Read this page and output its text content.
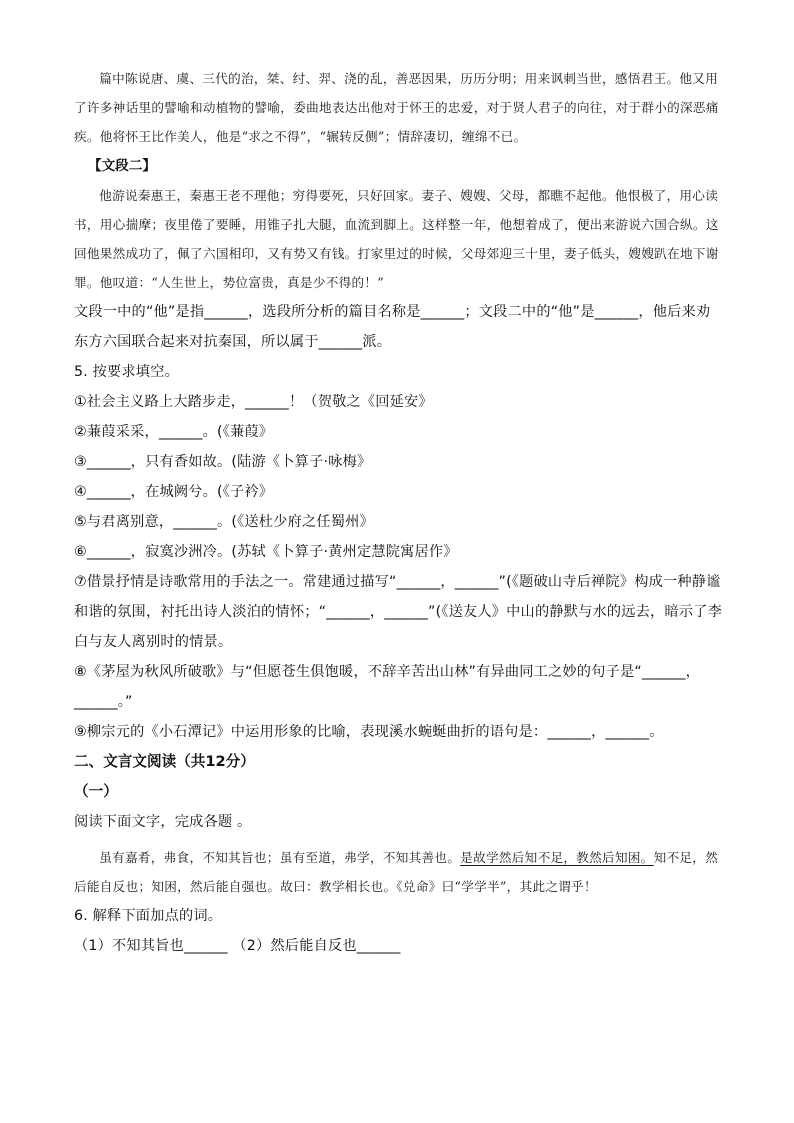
篇中陈说唐、虞、三代的治，桀、纣、羿、浇的乱，善恶因果，历历分明；用来讽刺当世，感悟君王。他又用了许多神话里的譬喻和动植物的譬喻，委曲地表达出他对于怀王的忠爱，对于贤人君子的向往，对于群小的深恶痛疾。他将怀王比作美人，他是“求之不得”，“辗转反侧”；情辞凄切，缠绵不已。

【文段二】

他游说秦惠王，秦惠王老不理他；穷得要死，只好回家。妻子、嫂嫂、父母，都瞧不起他。他恨极了，用心读书，用心揣摩；夜里倦了要睡，用锥子扎大腿，血流到脚上。这样整一年，他想着成了，便出来游说六国合纵。这回他果然成功了，佩了六国相印，又有势又有钱。打家里过的时候，父母郊迎三十里，妻子低头，嫂嫂趴在地下谢罪。他叹道：“人生世上，势位富贵，真是少不得的！”

文段一中的“他”是指______，选段所分析的篇目名称是______；文段二中的“他”是______，他后来劝东方六国联合起来对抗秦国，所以属于______派。

5. 按要求填空。

①社会主义路上大踏步走，______！（贺敬之《回延安》

②蒹葭采采，______。(《蒹葭》

③______，只有香如故。(陆游《卜算子·咏梅》

④______，在城阙兮。(《子衿》

⑤与君离别意，______。(《送杜少府之任蜀州》

⑥______，寂寞沙洲冷。(苏轼《卜算子·黄州定慧院寓居作》

⑦借景抒情是诗歌常用的手法之一。常建通过描写“______，______”(《题破山寺后禅院》构成一种静谧和谐的氛围，衬托出诗人淡泊的情怀；“______，______”(《送友人》中山的静默与水的远去，暗示了李白与友人离别时的情景。

⑧《茅屋为秋风所破歌》与“但愿苍生俱饱暖，不辞辛苦出山林”有异曲同工之妙的句子是“______，______。”

⑨柳宗元的《小石潭记》中运用形象的比喻，表现溪水蜿蜒曲折的语句是：______，______。

二、文言文阅读（共12分）

（一）

阅读下面文字，完成各题 。

虽有嘉肴，弗食，不知其旨也；虽有至道，弗学，不知其善也。是故学然后知不足，教然后知困。知不足，然后能自反也；知困，然后能自强也。故曰：教学相长也。《兑命》曰“学学半”，其此之谓乎！

6. 解释下面加点的词。

（1）不知其旨也______ （2）然后能自反也______
